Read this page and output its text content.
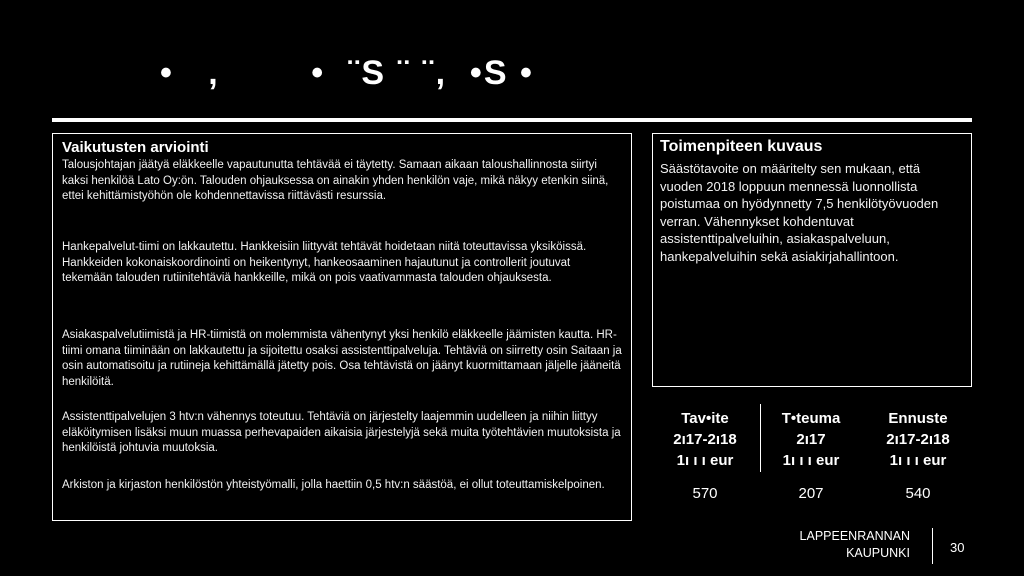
•   ,        •  ¨S ¨ ¨,  •S •
Vaikutusten arviointi
Talousjohtajan jäätyä eläkkeelle vapautunutta tehtävää ei täytetty. Samaan aikaan taloushallinnosta siirtyi kaksi henkilöä Lato Oy:ön. Talouden ohjauksessa on ainakin yhden henkilön vaje, mikä näkyy etenkin siinä, ettei kehittämistyöhön ole kohdennettavissa riittävästi resurssia.
Hankepalvelut-tiimi on lakkautettu. Hankkeisiin liittyvät tehtävät hoidetaan niitä toteuttavissa yksiköissä. Hankkeiden kokonaiskoordinointi on heikentynyt, hankeosaaminen hajautunut ja controllerit joutuvat tekemään talouden rutiinitehtäviä hankkeille, mikä on pois vaativammasta talouden ohjauksesta.
Asiakaspalvelutiimistä ja HR-tiimistä on molemmista vähentynyt yksi henkilö eläkkeelle jäämisten kautta. HR-tiimi omana tiiminään on lakkautettu ja sijoitettu osaksi assistenttipalveluja. Tehtäviä on siirretty osin Saitaan ja osin automatisoitu ja rutiineja kehittämällä jätetty pois. Osa tehtävistä on jäänyt kuormittamaan jäljelle jääneitä henkilöitä.
Assistenttipalvelujen 3 htv:n vähennys toteutuu. Tehtäviä on järjestelty laajemmin uudelleen ja niihin liittyy eläköitymisen lisäksi muun muassa perhevapaiden aikaisia järjestelyjä sekä muita työtehtävien muutoksista ja henkilöistä johtuvia muutoksia.
Arkiston ja kirjaston henkilöstön yhteistyömalli, jolla haettiin 0,5 htv:n säästöä, ei ollut toteuttamiskelpoinen.
Toimenpiteen kuvaus
Säästötavoite on määritelty sen mukaan, että vuoden 2018 loppuun mennessä luonnollista poistumaa on hyödynnetty 7,5 henkilötyövuoden verran. Vähennykset kohdentuvat assistenttipalveluihin, asiakaspalveluun, hankepalveluihin sekä asiakirjahallintoon.
Tav•ite
2ı17-2ı18
1ı ı ı eur
570
T•teuma
2ı17
1ı ı ı eur
207
Ennuste
2ı17-2ı18
1ı ı ı eur
540
LAPPEENRANNAN
KAUPUNKI	30
